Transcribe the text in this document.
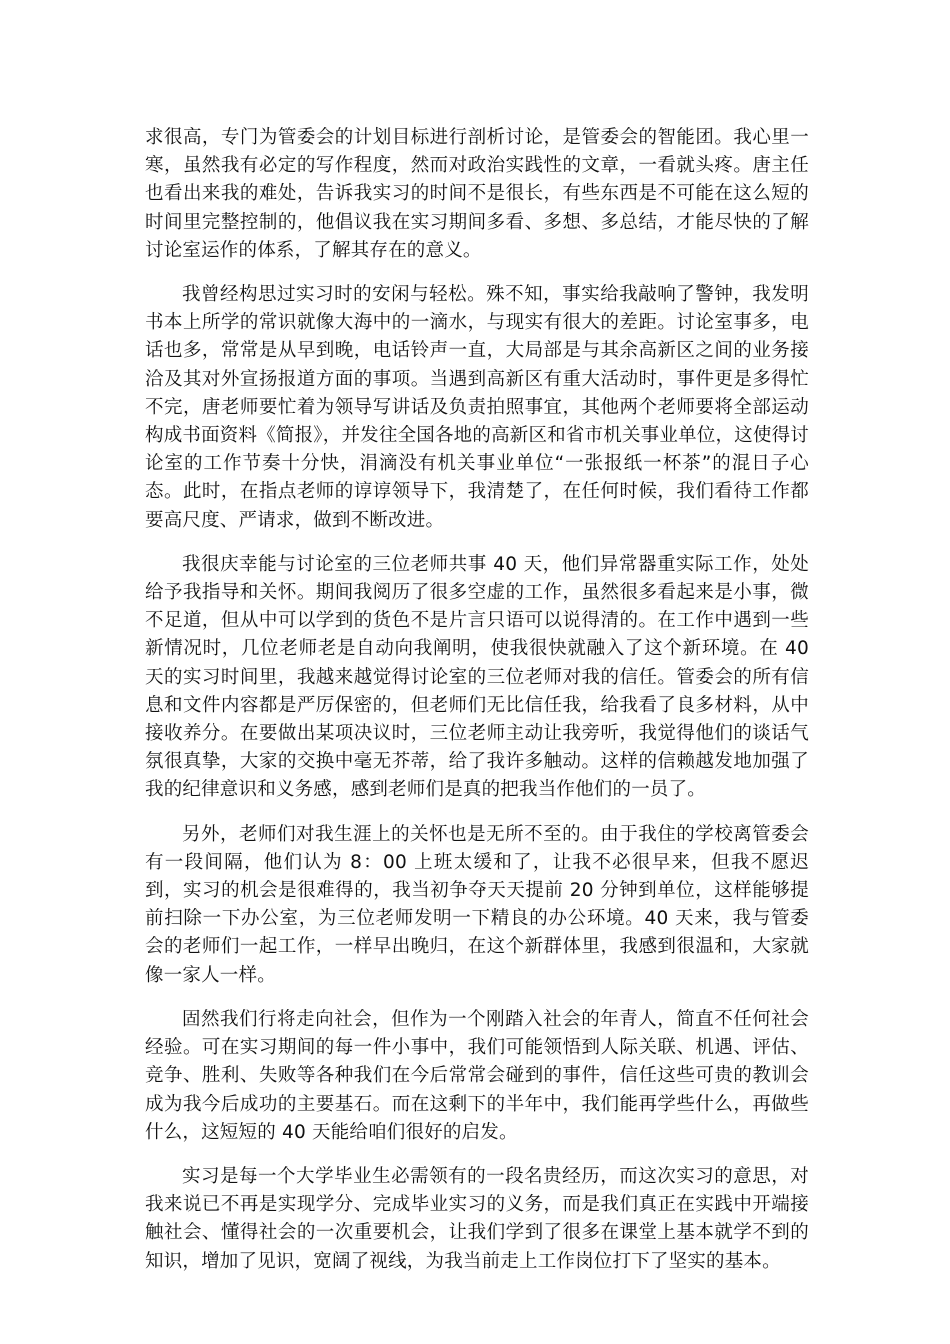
求很高，专门为管委会的计划目标进行剖析讨论，是管委会的智能团。我心里一寒，虽然我有必定的写作程度，然而对政治实践性的文章，一看就头疼。唐主任也看出来我的难处，告诉我实习的时间不是很长，有些东西是不可能在这么短的时间里完整控制的，他倡议我在实习期间多看、多想、多总结，才能尽快的了解讨论室运作的体系，了解其存在的意义。

我曾经构思过实习时的安闲与轻松。殊不知，事实给我敲响了警钟，我发明书本上所学的常识就像大海中的一滴水，与现实有很大的差距。讨论室事多，电话也多，常常是从早到晚，电话铃声一直，大局部是与其余高新区之间的业务接洽及其对外宣扬报道方面的事项。当遇到高新区有重大活动时，事件更是多得忙不完，唐老师要忙着为领导写讲话及负责拍照事宜，其他两个老师要将全部运动构成书面资料《简报》，并发往全国各地的高新区和省市机关事业单位，这使得讨论室的工作节奏十分快，涓滴没有机关事业单位“一张报纸一杯茶”的混日子心态。此时，在指点老师的谆谆领导下，我清楚了，在任何时候，我们看待工作都要高尺度、严请求，做到不断改进。

我很庆幸能与讨论室的三位老师共事 40 天，他们异常器重实际工作，处处给予我指导和关怀。期间我阅历了很多空虚的工作，虽然很多看起来是小事，微不足道，但从中可以学到的货色不是片言只语可以说得清的。在工作中遇到一些新情况时，几位老师老是自动向我阐明，使我很快就融入了这个新环境。在 40 天的实习时间里，我越来越觉得讨论室的三位老师对我的信任。管委会的所有信息和文件内容都是严厉保密的，但老师们无比信任我，给我看了良多材料，从中接收养分。在要做出某项决议时，三位老师主动让我旁听，我觉得他们的谈话气氛很真挚，大家的交换中毫无芥蒂，给了我许多触动。这样的信赖越发地加强了我的纪律意识和义务感，感到老师们是真的把我当作他们的一员了。

另外，老师们对我生涯上的关怀也是无所不至的。由于我住的学校离管委会有一段间隔，他们认为 8：00 上班太缓和了，让我不必很早来，但我不愿迟到，实习的机会是很难得的，我当初争夺天天提前 20 分钟到单位，这样能够提前扫除一下办公室，为三位老师发明一下精良的办公环境。40 天来，我与管委会的老师们一起工作，一样早出晚归，在这个新群体里，我感到很温和，大家就像一家人一样。

固然我们行将走向社会，但作为一个刚踏入社会的年青人，简直不任何社会经验。可在实习期间的每一件小事中，我们可能领悟到人际关联、机遇、评估、竞争、胜利、失败等各种我们在今后常常会碰到的事件，信任这些可贵的教训会成为我今后成功的主要基石。而在这剩下的半年中，我们能再学些什么，再做些什么，这短短的 40 天能给咱们很好的启发。

实习是每一个大学毕业生必需领有的一段名贵经历，而这次实习的意思，对我来说已不再是实现学分、完成毕业实习的义务，而是我们真正在实践中开端接触社会、懂得社会的一次重要机会，让我们学到了很多在课堂上基本就学不到的知识，增加了见识，宽阔了视线，为我当前走上工作岗位打下了坚实的基本。
